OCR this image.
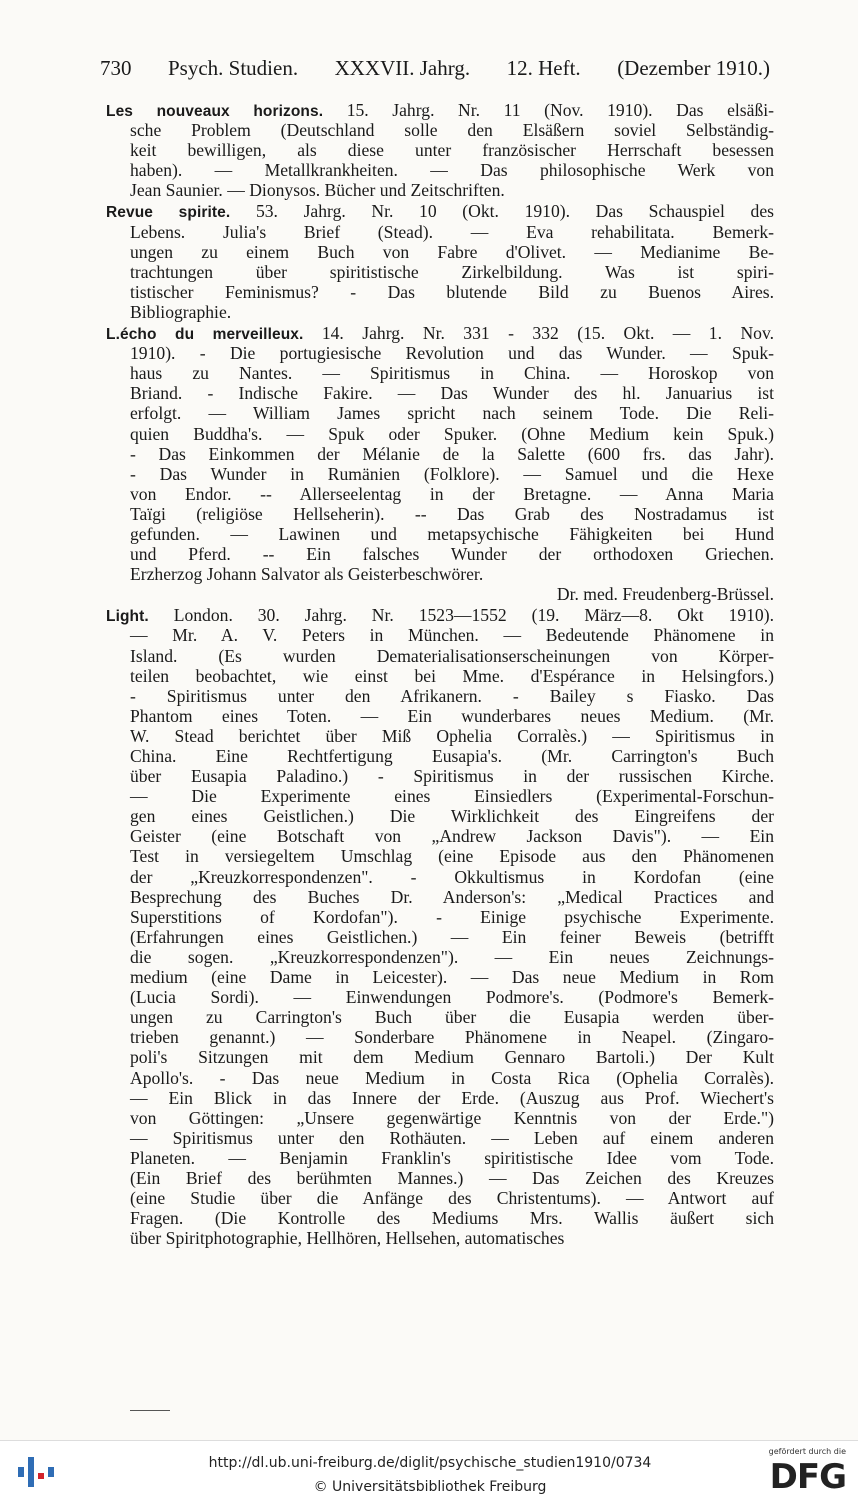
730 Psych. Studien. XXXVII. Jahrg. 12. Heft. (Dezember 1910.)
Les nouveaux horizons. 15. Jahrg. Nr. 11 (Nov. 1910). Das elsäßi-
sche Problem (Deutschland solle den Elsäßern soviel Selbständig-
keit bewilligen, als diese unter französischer Herrschaft besessen
haben). — Metallkrankheiten. — Das philosophische Werk von
Jean Saunier. — Dionysos. Bücher und Zeitschriften.
Revue spirite. 53. Jahrg. Nr. 10 (Okt. 1910). Das Schauspiel des
Lebens. Julia's Brief (Stead). — Eva rehabilitata. Bemerk-
ungen zu einem Buch von Fabre d'Olivet. — Medianime Be-
trachtungen über spiritistische Zirkelbildung. Was ist spiri-
tistischer Feminismus? - Das blutende Bild zu Buenos Aires.
Bibliographie.
L.écho du merveilleux. 14. Jahrg. Nr. 331 - 332 (15. Okt. — 1. Nov.
1910). - Die portugiesische Revolution und das Wunder. — Spuk-
haus zu Nantes. — Spiritismus in China. — Horoskop von
Briand. - Indische Fakire. — Das Wunder des hl. Januarius ist
erfolgt. — William James spricht nach seinem Tode. Die Reli-
quien Buddha's. — Spuk oder Spuker. (Ohne Medium kein Spuk.)
- Das Einkommen der Mélanie de la Salette (600 frs. das Jahr).
- Das Wunder in Rumänien (Folklore). — Samuel und die Hexe
von Endor. -- Allerseelentag in der Bretagne. — Anna Maria
Taïgi (religiöse Hellseherin). -- Das Grab des Nostradamus ist
gefunden. — Lawinen und metapsychische Fähigkeiten bei Hund
und Pferd. -- Ein falsches Wunder der orthodoxen Griechen.
Erzherzog Johann Salvator als Geisterbeschwörer.
Dr. med. Freudenberg-Brüssel.
Light. London. 30. Jahrg. Nr. 1523—1552 (19. März—8. Okt 1910).
— Mr. A. V. Peters in München. — Bedeutende Phänomene in
Island. (Es wurden Dematerialisationserscheinungen von Körper-
teilen beobachtet, wie einst bei Mme. d'Espérance in Helsingfors.)
- Spiritismus unter den Afrikanern. - Bailey s Fiasko. Das
Phantom eines Toten. — Ein wunderbares neues Medium. (Mr.
W. Stead berichtet über Miß Ophelia Corralès.) — Spiritismus in
China. Eine Rechtfertigung Eusapia's. (Mr. Carrington's Buch
über Eusapia Paladino.) - Spiritismus in der russischen Kirche.
— Die Experimente eines Einsiedlers (Experimental-Forschun-
gen eines Geistlichen.) Die Wirklichkeit des Eingreifens der
Geister (eine Botschaft von „Andrew Jackson Davis"). — Ein
Test in versiegeltem Umschlag (eine Episode aus den Phänomenen
der „Kreuzkorrespondenzen". - Okkultismus in Kordofan (eine
Besprechung des Buches Dr. Anderson's: „Medical Practices and
Superstitions of Kordofan"). - Einige psychische Experimente.
(Erfahrungen eines Geistlichen.) — Ein feiner Beweis (betrifft
die sogen. „Kreuzkorrespondenzen"). — Ein neues Zeichnungs-
medium (eine Dame in Leicester). — Das neue Medium in Rom
(Lucia Sordi). — Einwendungen Podmore's. (Podmore's Bemerk-
ungen zu Carrington's Buch über die Eusapia werden über-
trieben genannt.) — Sonderbare Phänomene in Neapel. (Zingaro-
poli's Sitzungen mit dem Medium Gennaro Bartoli.) Der Kult
Apollo's. - Das neue Medium in Costa Rica (Ophelia Corralès).
— Ein Blick in das Innere der Erde. (Auszug aus Prof. Wiechert's
von Göttingen: „Unsere gegenwärtige Kenntnis von der Erde.")
— Spiritismus unter den Rothäuten. — Leben auf einem anderen
Planeten. — Benjamin Franklin's spiritistische Idee vom Tode.
(Ein Brief des berühmten Mannes.) — Das Zeichen des Kreuzes
(eine Studie über die Anfänge des Christentums). — Antwort auf
Fragen. (Die Kontrolle des Mediums Mrs. Wallis äußert sich
über Spiritphotographie, Hellhören, Hellsehen, automatisches
http://dl.ub.uni-freiburg.de/diglit/psychische_studien1910/0734
© Universitätsbibliothek Freiburg
gefördert durch die
DFG
